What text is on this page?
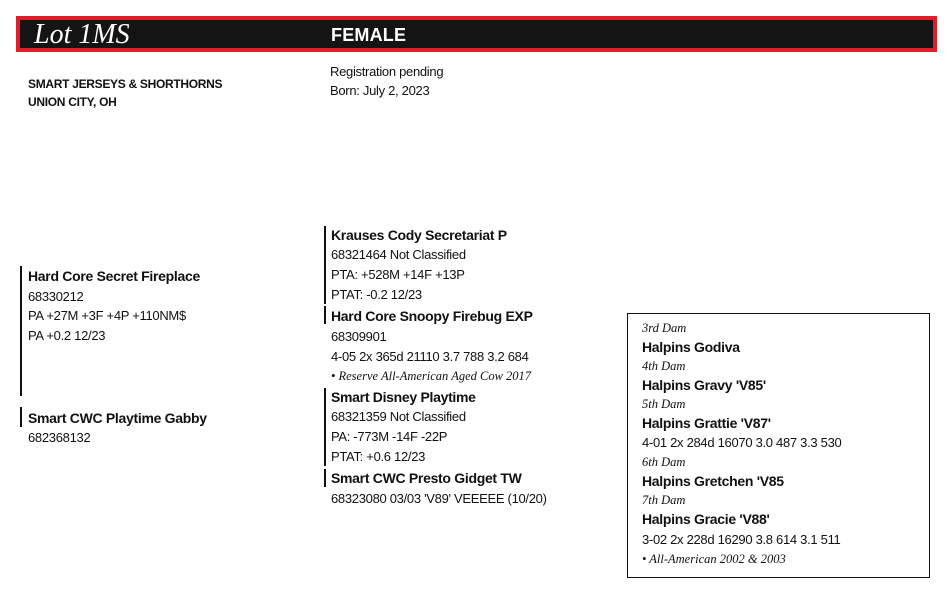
Lot 1MS	FEMALE
SMART JERSEYS & SHORTHORNS
UNION CITY, OH
Registration pending
Born: July 2, 2023
Hard Core Secret Fireplace
68330212
PA +27M +3F +4P +110NM$
PA +0.2 12/23
Smart CWC Playtime Gabby
682368132
Krauses Cody Secretariat P
68321464 Not Classified
PTA: +528M +14F +13P
PTAT: -0.2 12/23
Hard Core Snoopy Firebug EXP
68309901
4-05 2x 365d 21110 3.7 788 3.2 684
• Reserve All-American Aged Cow 2017
Smart Disney Playtime
68321359 Not Classified
PA: -773M -14F -22P
PTAT: +0.6 12/23
Smart CWC Presto Gidget TW
68323080 03/03 'V89' VEEEEE (10/20)
3rd Dam
Halpins Godiva
4th Dam
Halpins Gravy 'V85'
5th Dam
Halpins Grattie 'V87'
4-01 2x 284d 16070 3.0 487 3.3 530
6th Dam
Halpins Gretchen 'V85
7th Dam
Halpins Gracie 'V88'
3-02 2x 228d 16290 3.8 614 3.1 511
• All-American 2002 & 2003
